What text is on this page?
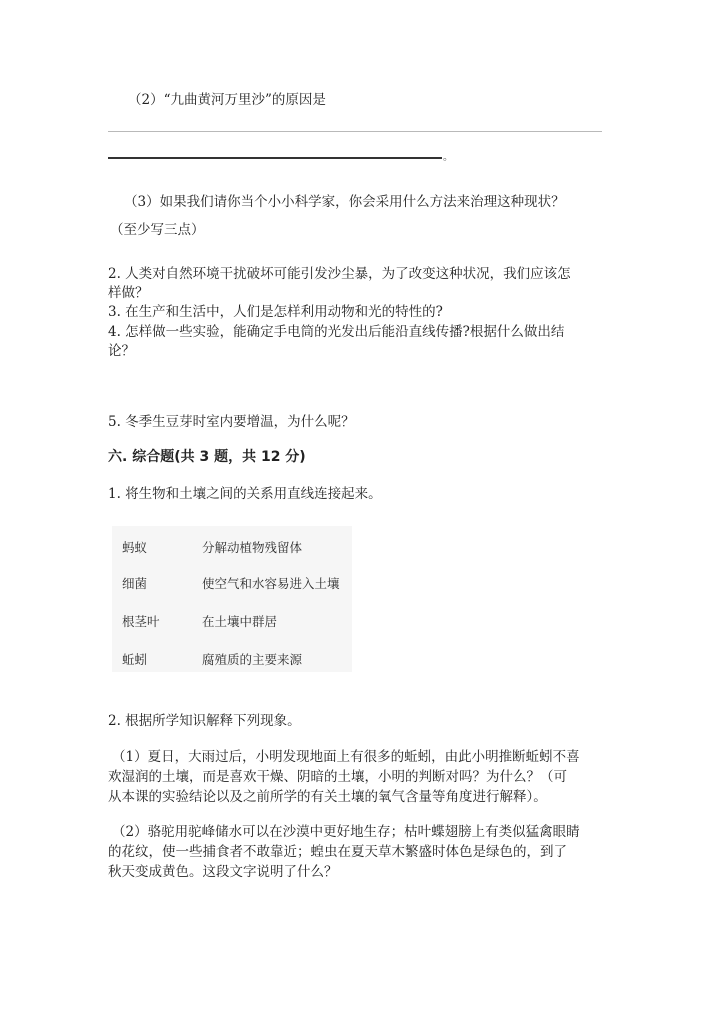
（2）“九曲黄河万里沙”的原因是
。
（3）如果我们请你当个小小科学家，你会采用什么方法来治理这种现状？
（至少写三点）
2. 人类对自然环境干扰破坏可能引发沙尘暴，为了改变这种状况，我们应该怎
样做？
3. 在生产和生活中，人们是怎样利用动物和光的特性的?
4. 怎样做一些实验，能确定手电筒的光发出后能沿直线传播?根据什么做出结
论？
5. 冬季生豆芽时室内要增温，为什么呢？
六. 综合题(共 3 题，共 12 分)
1. 将生物和土壤之间的关系用直线连接起来。
蚂蚁	分解动植物残留体
细菌	使空气和水容易进入土壤
根茎叶	在土壤中群居
蚯蚓	腐殖质的主要来源
2. 根据所学知识解释下列现象。
（1）夏日，大雨过后，小明发现地面上有很多的蚯蚓，由此小明推断蚯蚓不喜
欢湿润的土壤，而是喜欢干燥、阴暗的土壤，小明的判断对吗？为什么？（可
从本课的实验结论以及之前所学的有关土壤的氧气含量等角度进行解释）。
（2）骆驼用驼峰储水可以在沙漠中更好地生存；枯叶蝶翅膀上有类似猛禽眼睛
的花纹，使一些捕食者不敢靠近；蝗虫在夏天草木繁盛时体色是绿色的，到了
秋天变成黄色。这段文字说明了什么？
